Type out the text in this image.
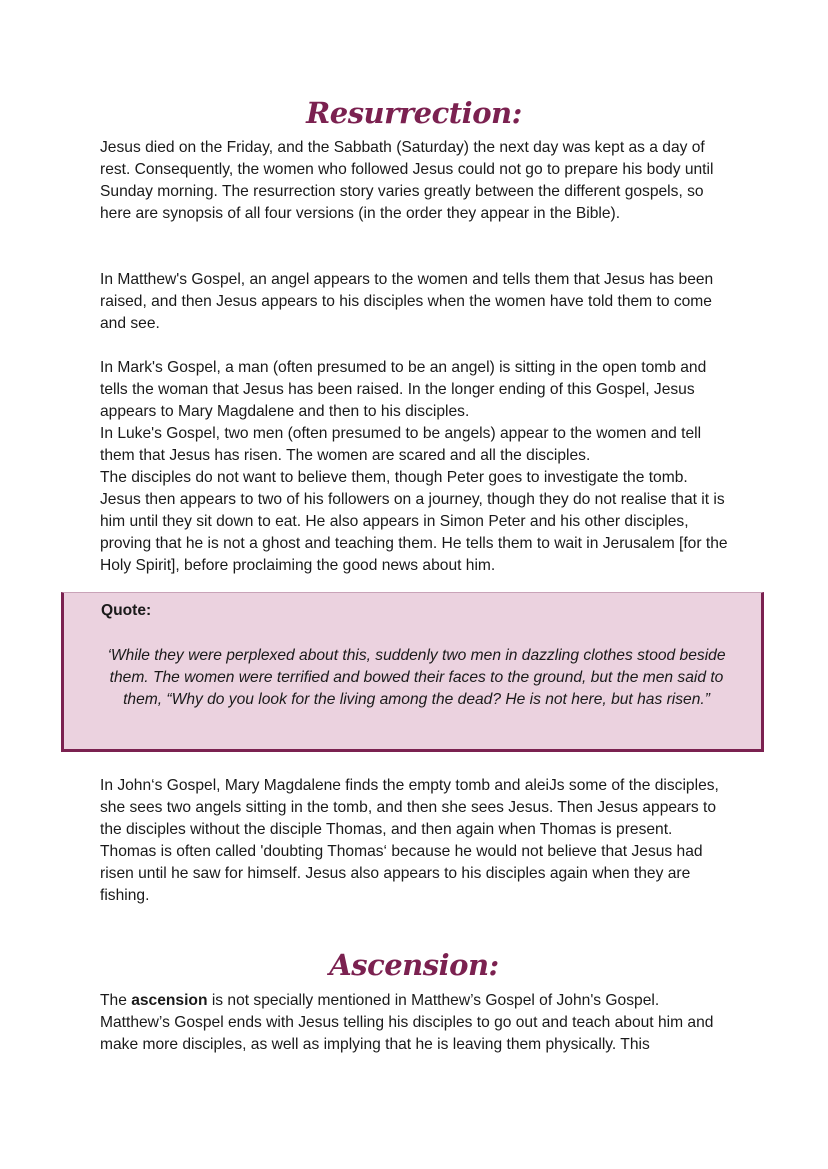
Resurrection:

Jesus died on the Friday, and the Sabbath (Saturday) the next day was kept as a day of rest. Consequently, the women who followed Jesus could not go to prepare his body until Sunday morning. The resurrection story varies greatly between the different gospels, so here are synopsis of all four versions (in the order they appear in the Bible).

In Matthew's Gospel, an angel appears to the women and tells them that Jesus has been raised, and then Jesus appears to his disciples when the women have told them to come and see.

In Mark's Gospel, a man (often presumed to be an angel) is sitting in the open tomb and tells the woman that Jesus has been raised. In the longer ending of this Gospel, Jesus appears to Mary Magdalene and then to his disciples.

In Luke's Gospel, two men (often presumed to be angels) appear to the women and tell them that Jesus has risen. The women are scared and all the disciples.

The disciples do not want to believe them, though Peter goes to investigate the tomb. Jesus then appears to two of his followers on a journey, though they do not realise that it is him until they sit down to eat. He also appears in Simon Peter and his other disciples, proving that he is not a ghost and teaching them. He tells them to wait in Jerusalem [for the Holy Spirit], before proclaiming the good news about him.

Quote:

‘While they were perplexed about this, suddenly two men in dazzling clothes stood beside them. The women were terrified and bowed their faces to the ground, but the men said to them, “Why do you look for the living among the dead? He is not here, but has risen.”

In John‘s Gospel, Mary Magdalene finds the empty tomb and aleiJs some of the disciples, she sees two angels sitting in the tomb, and then she sees Jesus. Then Jesus appears to the disciples without the disciple Thomas, and then again when Thomas is present. Thomas is often called 'doubting Thomas‘ because he would not believe that Jesus had risen until he saw for himself. Jesus also appears to his disciples again when they are fishing.

Ascension:

The ascension is not specially mentioned in Matthew’s Gospel of John's Gospel. Matthew’s Gospel ends with Jesus telling his disciples to go out and teach about him and make more disciples, as well as implying that he is leaving them physically. This
